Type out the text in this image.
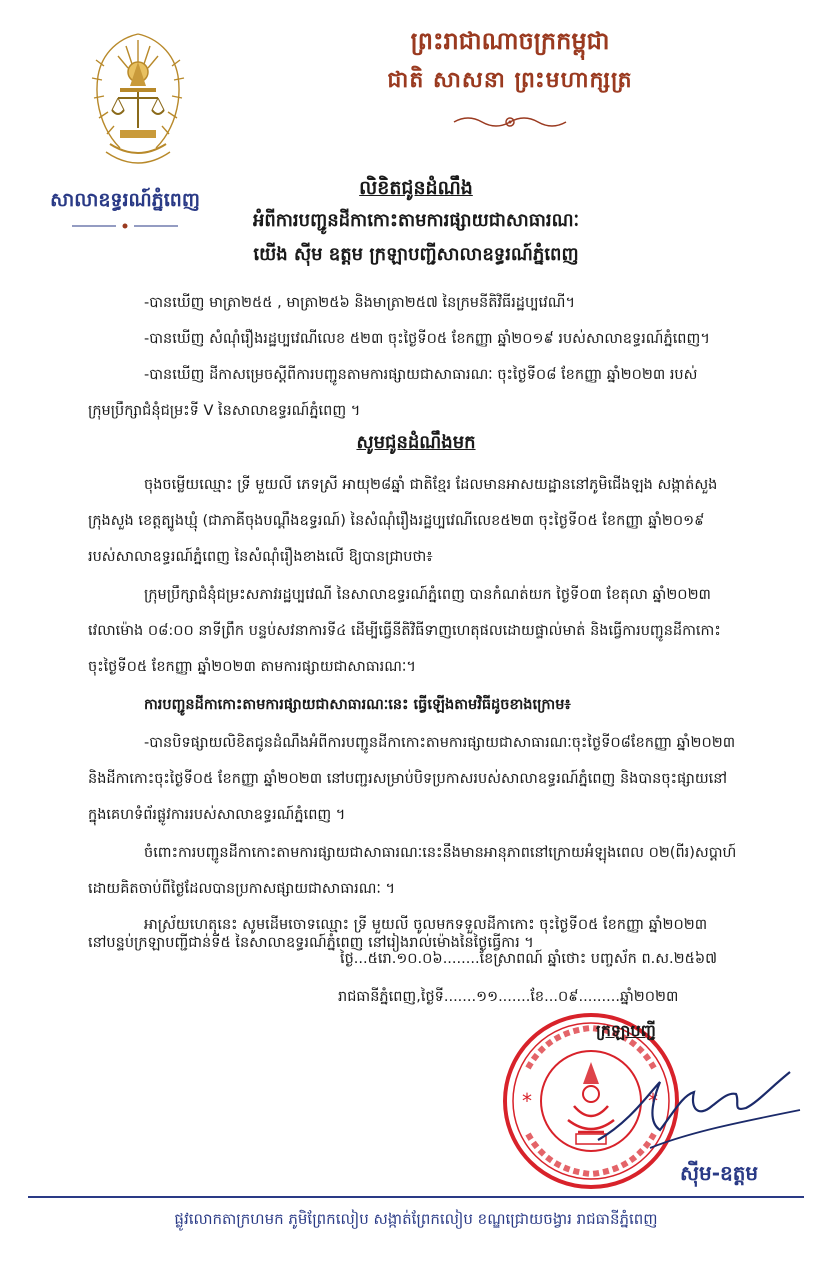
សាលាឧទ្ធរណ៍ភ្នំពេញ
ព្រះរាជាណាចក្រកម្ពុជា
ជាតិ សាសនា ព្រះមហាក្សត្រ
លិខិតជូនដំណឹង
អំពីការបញ្ជូនដីកាកោះតាមការផ្សាយជាសាធារណៈ
យើង ស៊ីម ឧត្តម ក្រឡាបញ្ជីសាលាឧទ្ធរណ៍ភ្នំពេញ
-បានឃើញ មាត្រា២៥៥ , មាត្រា២៥៦ និងមាត្រា២៥៧ នៃក្រមនីតិវិធីរដ្ឋប្បវេណី។
-បានឃើញ សំណុំរឿងរដ្ឋប្បវេណីលេខ ៥២៣ ចុះថ្ងៃទី០៥ ខែកញ្ញា ឆ្នាំ២០១៩ របស់សាលាឧទ្ធរណ៍ភ្នំពេញ។
-បានឃើញ ដីកាសម្រេចស្តីពីការបញ្ជូនតាមការផ្សាយជាសាធារណៈ ចុះថ្ងៃទី០៨ ខែកញ្ញា ឆ្នាំ២០២៣ របស់
ក្រុមប្រឹក្សាជំនុំជម្រះទី V នៃសាលាឧទ្ធរណ៍ភ្នំពេញ ។
សូមជូនដំណឹងមក
ចុងចម្លើយឈ្មោះ ទ្រី មួយលី ភេទស្រី អាយុ២៨ឆ្នាំ ជាតិខ្មែរ ដែលមានអាសយដ្ឋាននៅភូមិជើងឡង សង្កាត់សួង
ក្រុងសួង ខេត្តត្បូងឃ្មុំ (ជាភាគីចុងបណ្តឹងឧទ្ធរណ៍) នៃសំណុំរឿងរដ្ឋប្បវេណីលេខ៥២៣ ចុះថ្ងៃទី០៥ ខែកញ្ញា ឆ្នាំ២០១៩
របស់សាលាឧទ្ធរណ៍ភ្នំពេញ នៃសំណុំរឿងខាងលើ ឱ្យបានជ្រាបថា៖
ក្រុមប្រឹក្សាជំនុំជម្រះសភាវរដ្ឋប្បវេណី នៃសាលាឧទ្ធរណ៍ភ្នំពេញ បានកំណត់យក ថ្ងៃទី០៣ ខែតុលា ឆ្នាំ២០២៣
វេលាម៉ោង ០៨:០០ នាទីព្រឹក បន្ទប់សវនាការទី៤ ដើម្បីធ្វើនីតិវិធីទាញហេតុផលដោយផ្ទាល់មាត់ និងធ្វើការបញ្ជូនដីកាកោះ
ចុះថ្ងៃទី០៥ ខែកញ្ញា ឆ្នាំ២០២៣ តាមការផ្សាយជាសាធារណៈ។
ការបញ្ជូនដីកាកោះតាមការផ្សាយជាសាធារណៈនេះ ធ្វើឡើងតាមវិធីដូចខាងក្រោម៖
-បានបិទផ្សាយលិខិតជូនដំណឹងអំពីការបញ្ជូនដីកាកោះតាមការផ្សាយជាសាធារណៈចុះថ្ងៃទី០៨ខែកញ្ញា ឆ្នាំ២០២៣
និងដីកាកោះចុះថ្ងៃទី០៥ ខែកញ្ញា ឆ្នាំ២០២៣ នៅបញ្ជរសម្រាប់បិទប្រកាសរបស់សាលាឧទ្ធរណ៍ភ្នំពេញ និងបានចុះផ្សាយនៅ
ក្នុងគេហទំព័រផ្លូវការរបស់សាលាឧទ្ធរណ៍ភ្នំពេញ ។
ចំពោះការបញ្ជូនដីកាកោះតាមការផ្សាយជាសាធារណៈនេះនឹងមានអានុភាពនៅក្រោយអំឡុងពេល ០២(ពីរ)សប្តាហ៍
ដោយគិតចាប់ពីថ្ងៃដែលបានប្រកាសផ្សាយជាសាធារណៈ ។
អាស្រ័យហេតុនេះ សូមដើមចោទឈ្មោះ ទ្រី មួយលី ចូលមកទទួលដីកាកោះ ចុះថ្ងៃទី០៥ ខែកញ្ញា ឆ្នាំ២០២៣
ថ្ងៃ...៥រោ.១០.០៦........ខែស្រាពណ៍ ឆ្នាំថោះ បញ្ចស័ក ព.ស.២៥៦៧
រាជធានីភ្នំពេញ,ថ្ងៃទី.......១១.......ខែ...០៩.........ឆ្នាំ២០២៣
*	*
ក្រឡាបញ្ជី
ស៊ីម-ឧត្តម
ផ្លូវលោកតាក្រហមក ភូមិព្រែកលៀប សង្កាត់ព្រែកលៀប ខណ្ឌជ្រោយចង្វារ រាជធានីភ្នំពេញ
នៅបន្ទប់ក្រឡាបញ្ជីជាន់ទី៥ នៃសាលាឧទ្ធរណ៍ភ្នំពេញ នៅរៀងរាល់ម៉ោងនៃថ្ងៃធ្វើការ ។
